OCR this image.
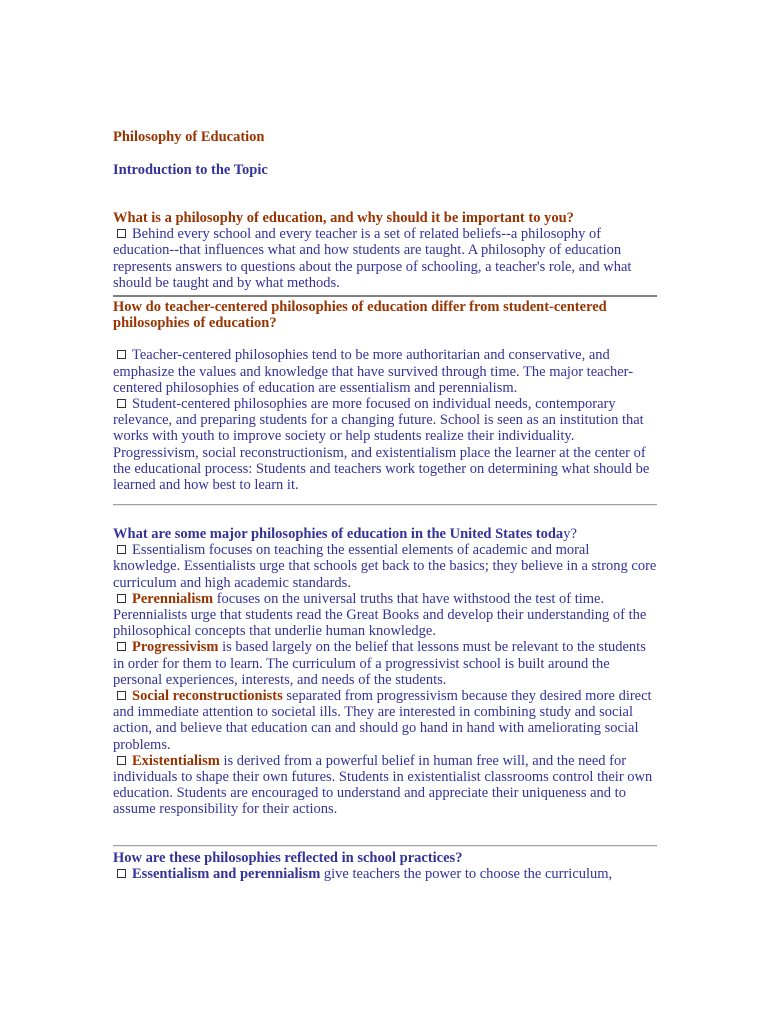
Philosophy of Education

Introduction to the Topic

What is a philosophy of education, and why should it be important to you?

Behind every school and every teacher is a set of related beliefs--a philosophy of education--that influences what and how students are taught. A philosophy of education represents answers to questions about the purpose of schooling, a teacher's role, and what should be taught and by what methods.

How do teacher-centered philosophies of education differ from student-centered philosophies of education?

Teacher-centered philosophies tend to be more authoritarian and conservative, and emphasize the values and knowledge that have survived through time. The major teacher-centered philosophies of education are essentialism and perennialism.

Student-centered philosophies are more focused on individual needs, contemporary relevance, and preparing students for a changing future. School is seen as an institution that works with youth to improve society or help students realize their individuality. Progressivism, social reconstructionism, and existentialism place the learner at the center of the educational process: Students and teachers work together on determining what should be learned and how best to learn it.

What are some major philosophies of education in the United States today?

Essentialism focuses on teaching the essential elements of academic and moral knowledge. Essentialists urge that schools get back to the basics; they believe in a strong core curriculum and high academic standards.

Perennialism focuses on the universal truths that have withstood the test of time. Perennialists urge that students read the Great Books and develop their understanding of the philosophical concepts that underlie human knowledge.

Progressivism is based largely on the belief that lessons must be relevant to the students in order for them to learn. The curriculum of a progressivist school is built around the personal experiences, interests, and needs of the students.

Social reconstructionists separated from progressivism because they desired more direct and immediate attention to societal ills. They are interested in combining study and social action, and believe that education can and should go hand in hand with ameliorating social problems.

Existentialism is derived from a powerful belief in human free will, and the need for individuals to shape their own futures. Students in existentialist classrooms control their own education. Students are encouraged to understand and appreciate their uniqueness and to assume responsibility for their actions.

How are these philosophies reflected in school practices?

Essentialism and perennialism give teachers the power to choose the curriculum,
